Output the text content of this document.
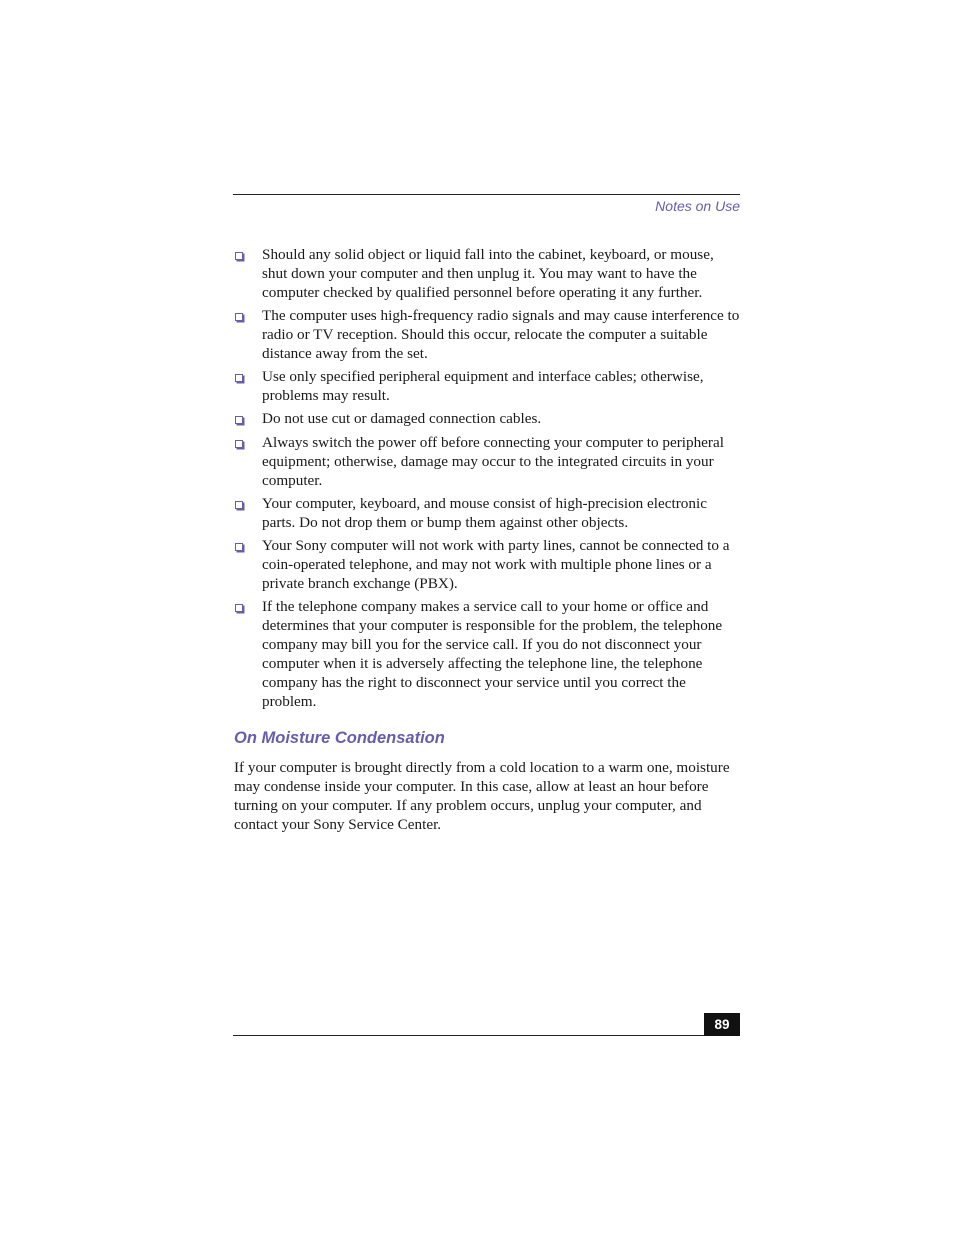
Notes on Use
Should any solid object or liquid fall into the cabinet, keyboard, or mouse, shut down your computer and then unplug it. You may want to have the computer checked by qualified personnel before operating it any further.
The computer uses high-frequency radio signals and may cause interference to radio or TV reception. Should this occur, relocate the computer a suitable distance away from the set.
Use only specified peripheral equipment and interface cables; otherwise, problems may result.
Do not use cut or damaged connection cables.
Always switch the power off before connecting your computer to peripheral equipment; otherwise, damage may occur to the integrated circuits in your computer.
Your computer, keyboard, and mouse consist of high-precision electronic parts. Do not drop them or bump them against other objects.
Your Sony computer will not work with party lines, cannot be connected to a coin-operated telephone, and may not work with multiple phone lines or a private branch exchange (PBX).
If the telephone company makes a service call to your home or office and determines that your computer is responsible for the problem, the telephone company may bill you for the service call. If you do not disconnect your computer when it is adversely affecting the telephone line, the telephone company has the right to disconnect your service until you correct the problem.
On Moisture Condensation

If your computer is brought directly from a cold location to a warm one, moisture may condense inside your computer. In this case, allow at least an hour before turning on your computer. If any problem occurs, unplug your computer, and contact your Sony Service Center.

89
